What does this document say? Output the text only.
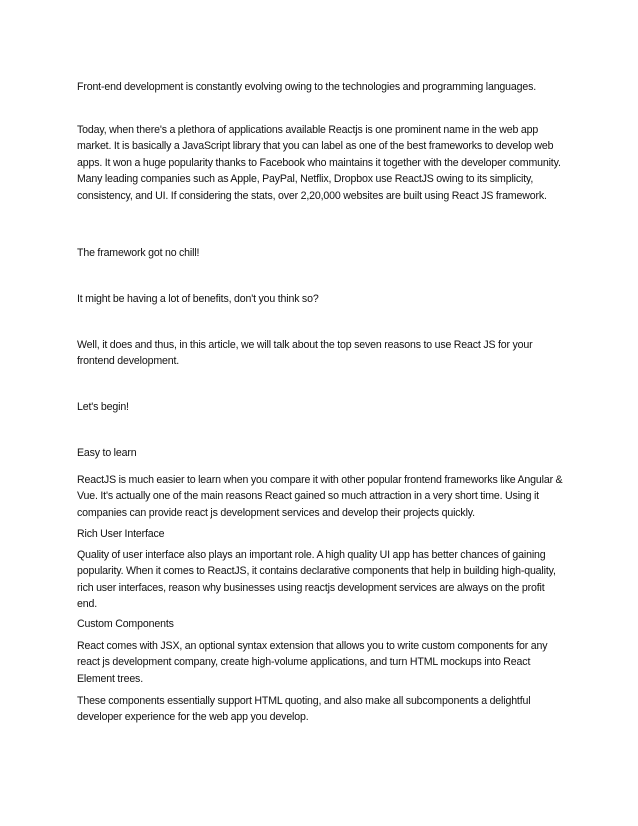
Front-end development is constantly evolving owing to the technologies and programming languages.

Today, when there's a plethora of applications available Reactjs is one prominent name in the web app market. It is basically a JavaScript library that you can label as one of the best frameworks to develop web apps. It won a huge popularity thanks to Facebook who maintains it together with the developer community. Many leading companies such as Apple, PayPal, Netflix, Dropbox use ReactJS owing to its simplicity, consistency, and UI. If considering the stats, over 2,20,000 websites are built using React JS framework.

The framework got no chill!

It might be having a lot of benefits, don't you think so?

Well, it does and thus, in this article, we will talk about the top seven reasons to use React JS for your frontend development.

Let's begin!

Easy to learn

ReactJS is much easier to learn when you compare it with other popular frontend frameworks like Angular & Vue. It's actually one of the main reasons React gained so much attraction in a very short time. Using it companies can provide react js development services and develop their projects quickly.

Rich User Interface

Quality of user interface also plays an important role. A high quality UI app has better chances of gaining popularity. When it comes to ReactJS, it contains declarative components that help in building high-quality, rich user interfaces, reason why businesses using reactjs development services are always on the profit end.

Custom Components

React comes with JSX, an optional syntax extension that allows you to write custom components for any react js development company, create high-volume applications, and turn HTML mockups into React Element trees.

These components essentially support HTML quoting, and also make all subcomponents a delightful developer experience for the web app you develop.
